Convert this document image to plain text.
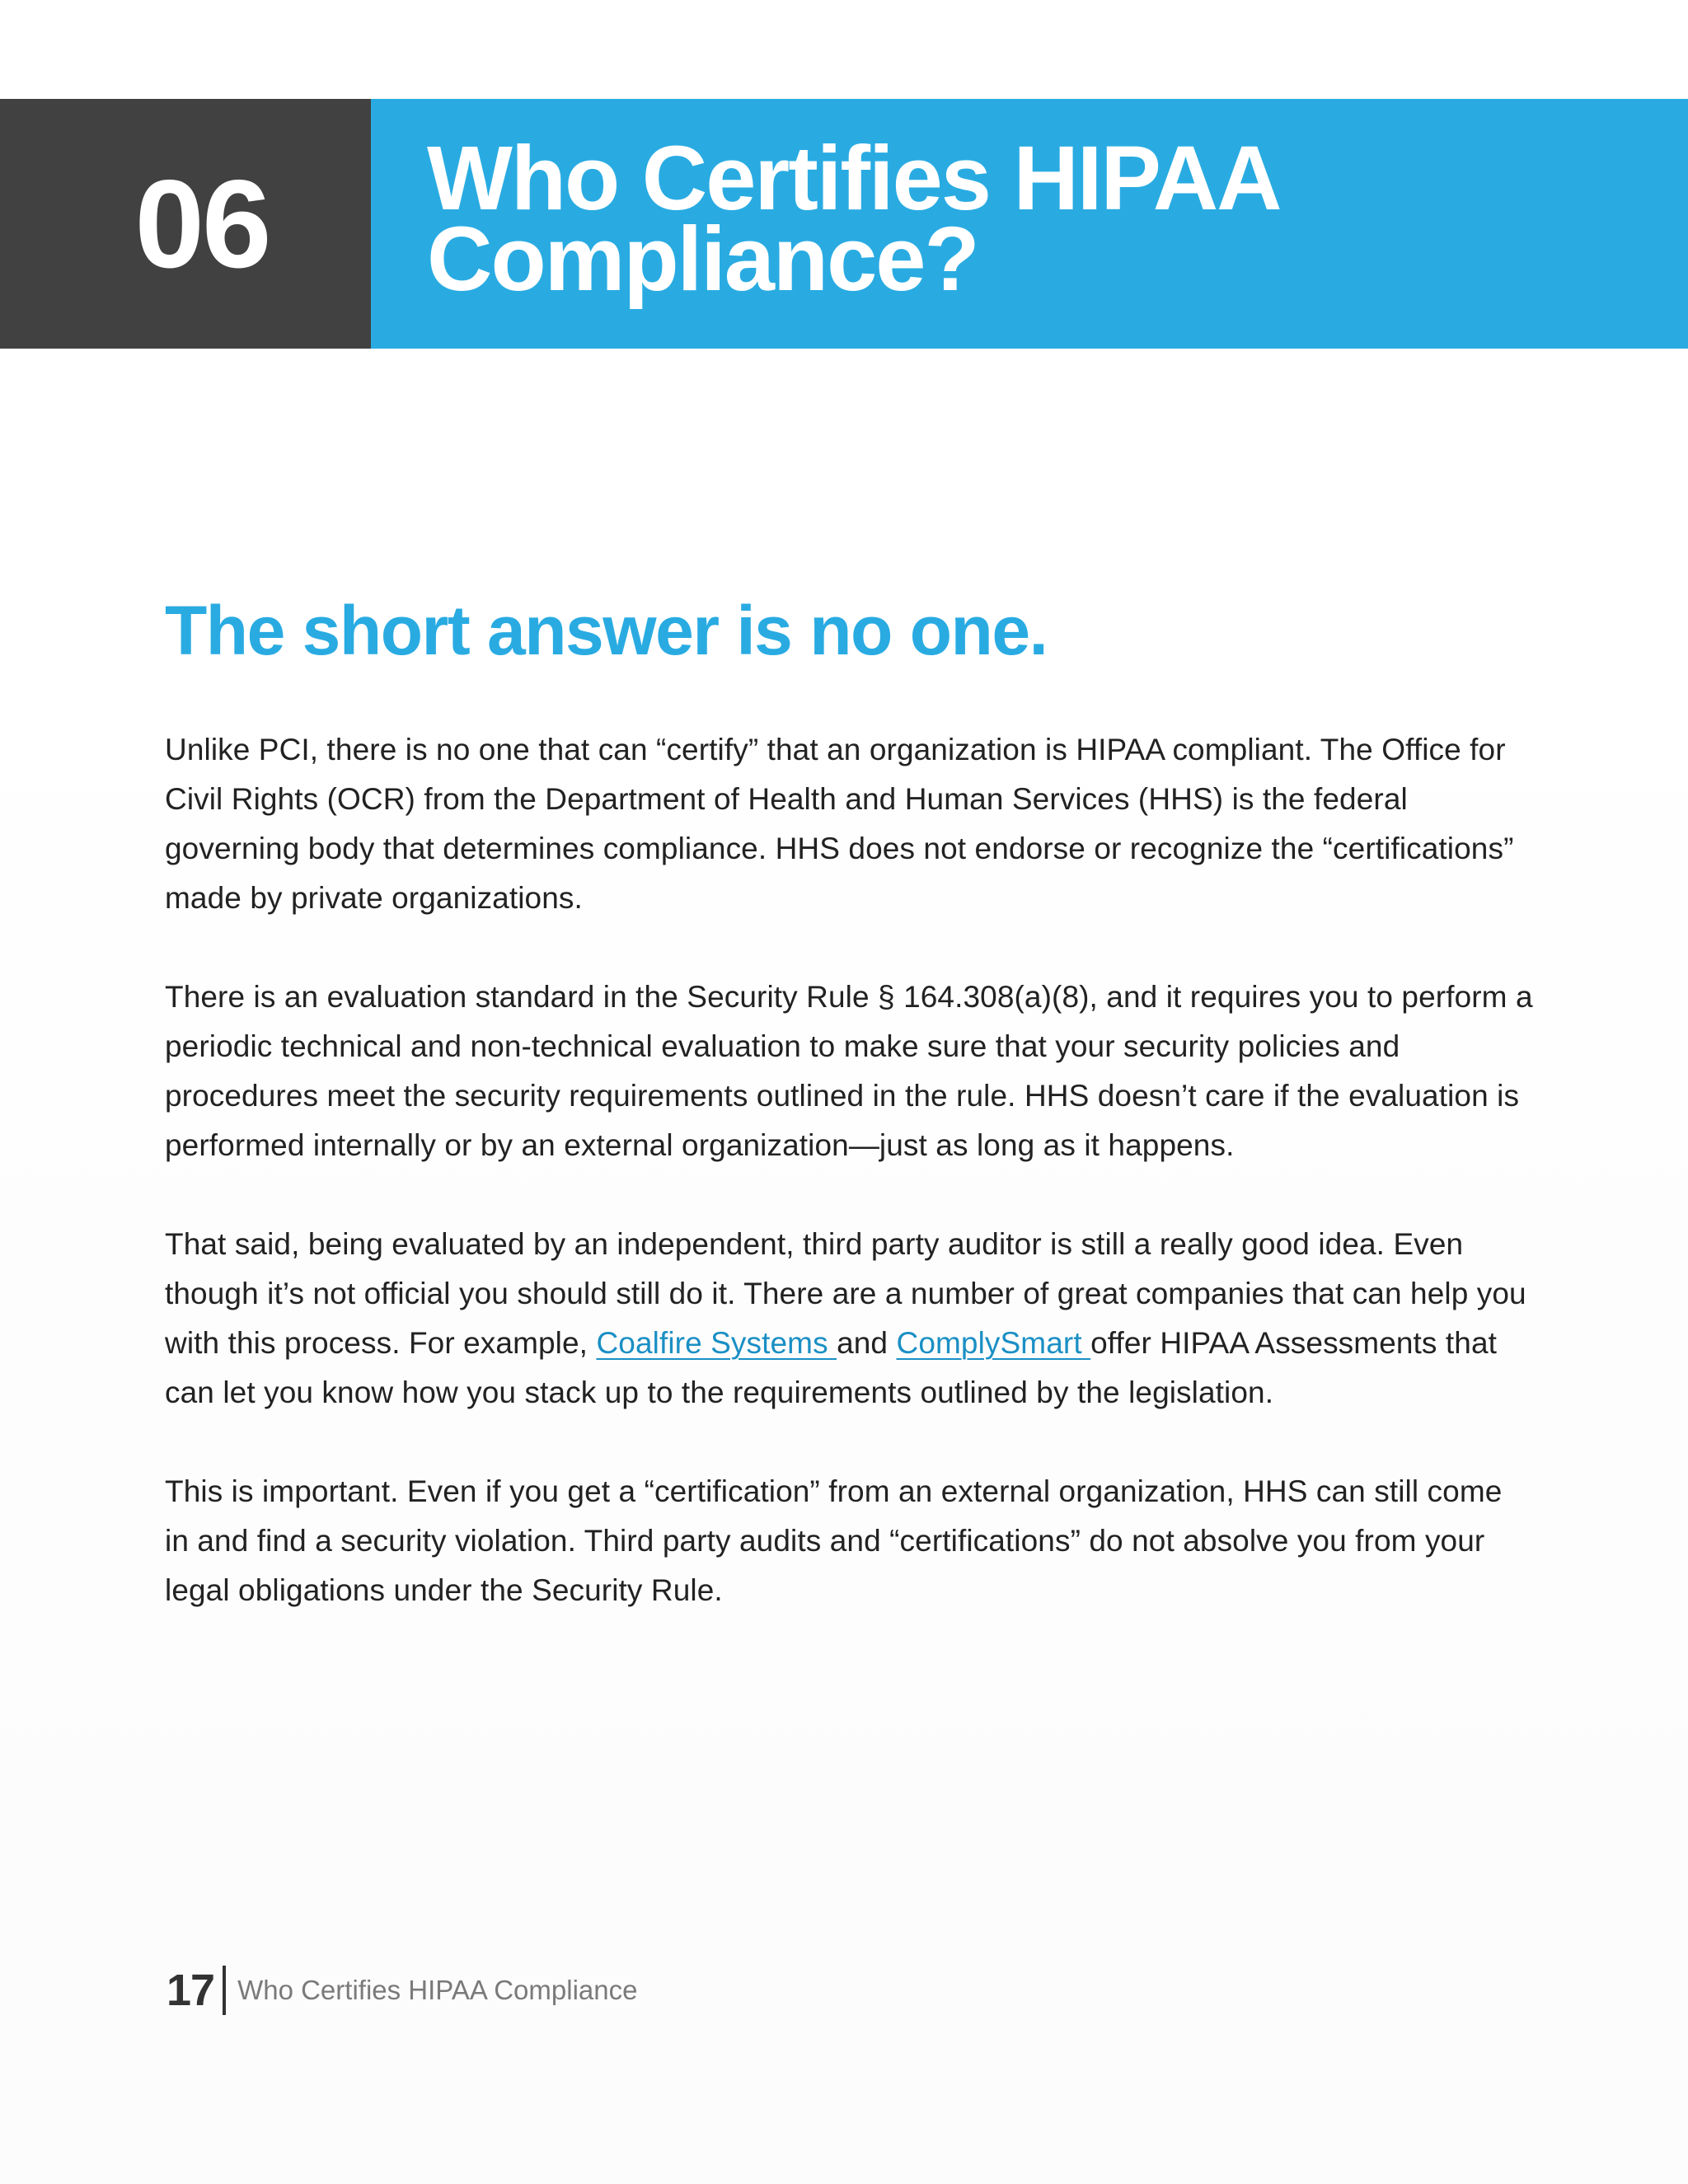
06 Who Certifies HIPAA Compliance?
The short answer is no one.

Unlike PCI, there is no one that can “certify” that an organization is HIPAA compliant. The Office for Civil Rights (OCR) from the Department of Health and Human Services (HHS) is the federal governing body that determines compliance. HHS does not endorse or recognize the “certifications” made by private organizations.

There is an evaluation standard in the Security Rule § 164.308(a)(8), and it requires you to perform a periodic technical and non-technical evaluation to make sure that your security policies and procedures meet the security requirements outlined in the rule. HHS doesn’t care if the evaluation is performed internally or by an external organization—just as long as it happens.

That said, being evaluated by an independent, third party auditor is still a really good idea. Even though it’s not official you should still do it. There are a number of great companies that can help you with this process. For example, Coalfire Systems and ComplySmart offer HIPAA Assessments that can let you know how you stack up to the requirements outlined by the legislation.

This is important. Even if you get a “certification” from an external organization, HHS can still come in and find a security violation. Third party audits and “certifications” do not absolve you from your legal obligations under the Security Rule.

17 Who Certifies HIPAA Compliance
